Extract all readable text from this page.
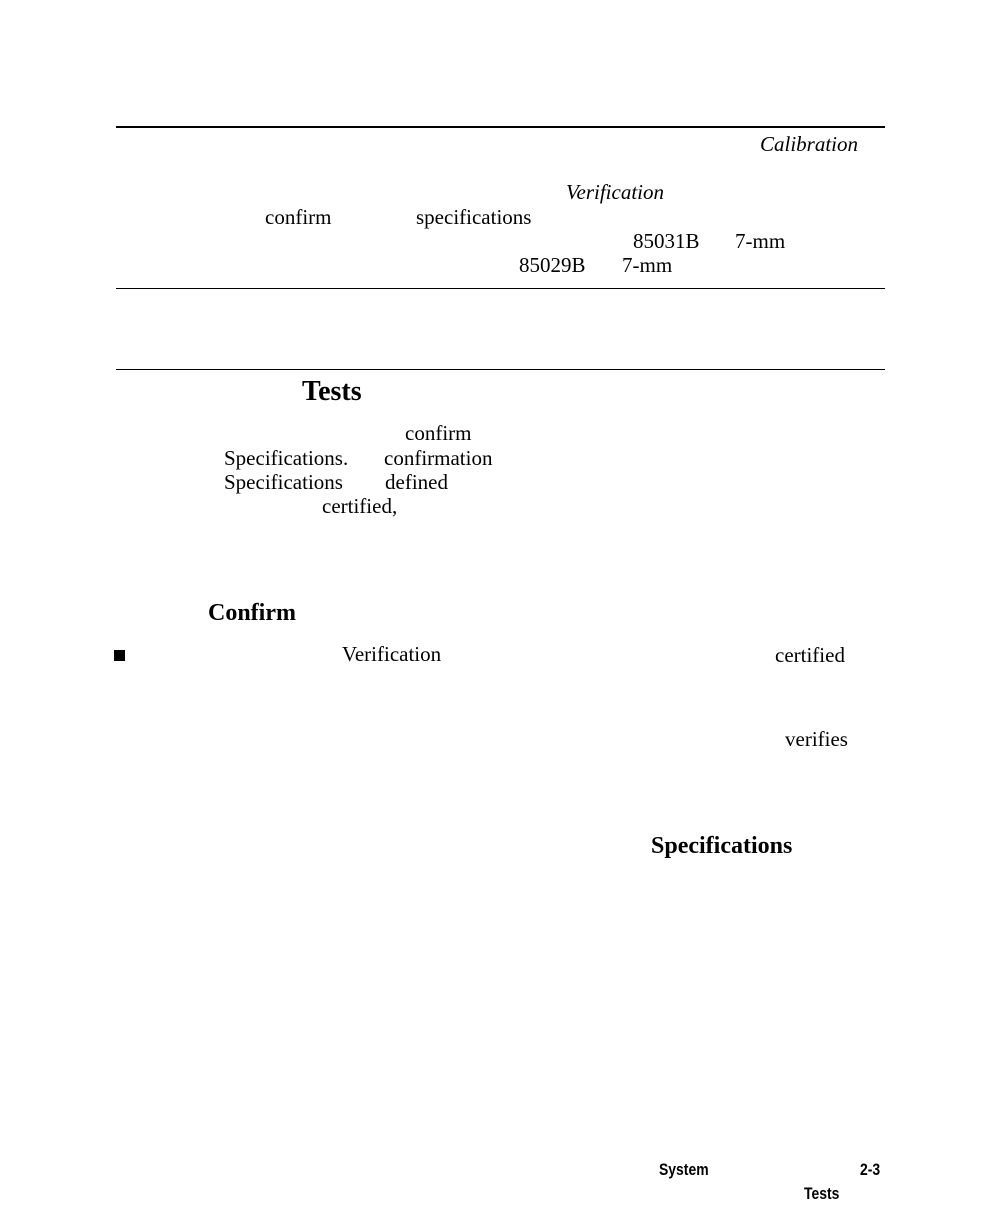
Calibration
Verification
confirm	specifications
85031B 7-mm
85029B 7-mm
Tests
confirm
Specifications. confirmation
Specifications defined
certified,
Confirm
Verification	certified
verifies
Specifications
System	2-3
Tests
